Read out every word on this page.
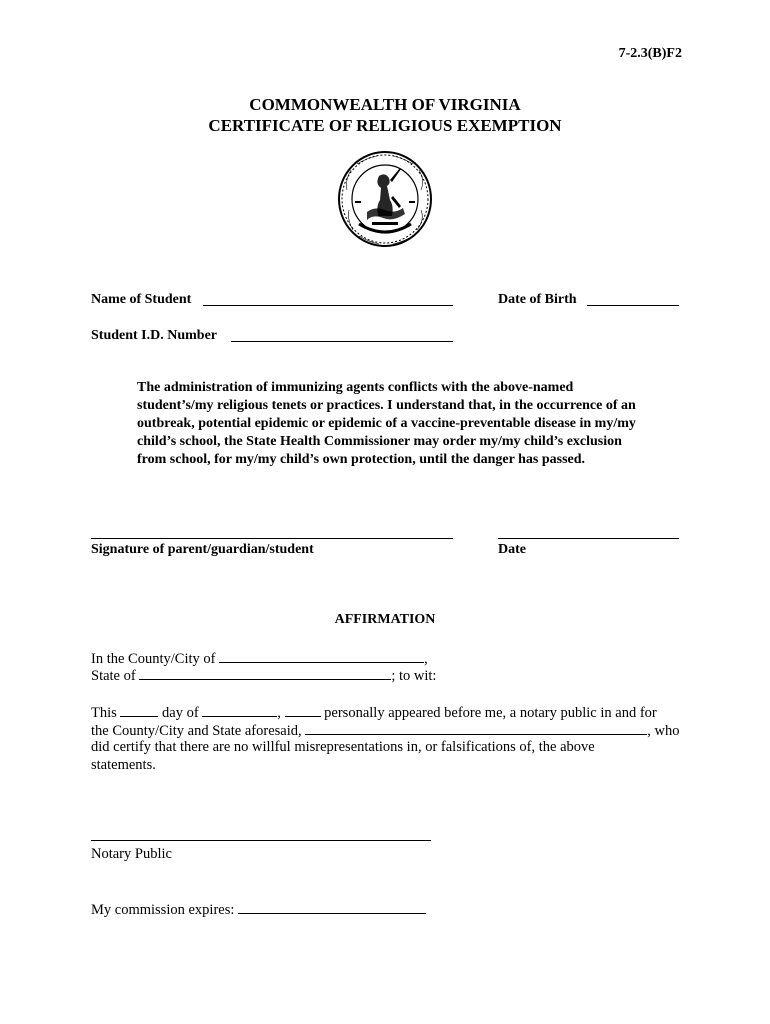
7-2.3(B)F2
COMMONWEALTH OF VIRGINIA
CERTIFICATE OF RELIGIOUS EXEMPTION
Name of Student	Date of Birth
Student I.D. Number
The administration of immunizing agents conflicts with the above-named student’s/my religious tenets or practices. I understand that, in the occurrence of an outbreak, potential epidemic or epidemic of a vaccine-preventable disease in my/my child’s school, the State Health Commissioner may order my/my child’s exclusion from school, for my/my child’s own protection, until the danger has passed.
Signature of parent/guardian/student	Date
AFFIRMATION
In the County/City of	,
State of	; to wit:
This	day of	,	personally appeared before me, a notary public in and for
the County/City and State aforesaid,	, who
did certify that there are no willful misrepresentations in, or falsifications of, the above
statements.
Notary Public
My commission expires:
